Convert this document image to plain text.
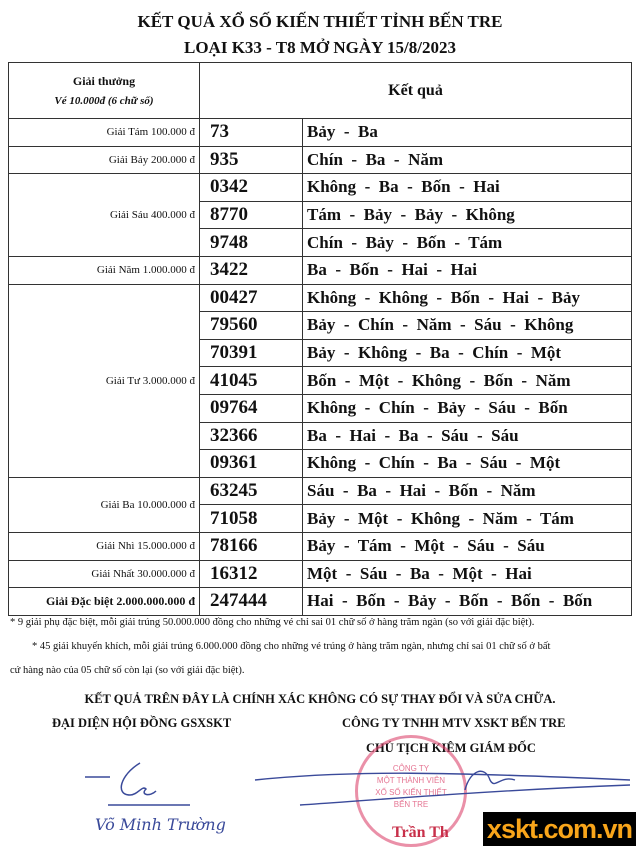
KẾT QUẢ XỔ SỐ KIẾN THIẾT TỈNH BẾN TRE
LOẠI K33 - T8 MỞ NGÀY 15/8/2023
Giải thưởng
Vé 10.000đ (6 chữ số)	Kết quả	
Giải Tám 100.000 đ	73	Bảy  -  Ba
Giải Bảy 200.000 đ	935	Chín  -  Ba  -  Năm
Giải Sáu 400.000 đ	0342	Không  -  Ba  -  Bốn  -  Hai
	8770	Tám  -  Bảy  -  Bảy  -  Không
	9748	Chín  -  Bảy  -  Bốn  -  Tám
Giải Năm 1.000.000 đ	3422	Ba  -  Bốn  -  Hai  -  Hai
Giải Tư 3.000.000 đ	00427	Không  -  Không  -  Bốn  -  Hai  -  Bảy
	79560	Bảy  -  Chín  -  Năm  -  Sáu  -  Không
	70391	Bảy  -  Không  -  Ba  -  Chín  -  Một
	41045	Bốn  -  Một  -  Không  -  Bốn  -  Năm
	09764	Không  -  Chín  -  Bảy  -  Sáu  -  Bốn
	32366	Ba  -  Hai  -  Ba  -  Sáu  -  Sáu
	09361	Không  -  Chín  -  Ba  -  Sáu  -  Một
Giải Ba 10.000.000 đ	63245	Sáu  -  Ba  -  Hai  -  Bốn  -  Năm
	71058	Bảy  -  Một  -  Không  -  Năm  -  Tám
Giải Nhì 15.000.000 đ	78166	Bảy  -  Tám  -  Một  -  Sáu  -  Sáu
Giải Nhất 30.000.000 đ	16312	Một  -  Sáu  -  Ba  -  Một  -  Hai
Giải Đặc biệt 2.000.000.000 đ	247444	Hai  -  Bốn  -  Bảy  -  Bốn  -  Bốn  -  Bốn
* 9 giải phụ đặc biệt, mỗi giải trúng 50.000.000 đồng cho những vé chỉ sai 01 chữ số ở hàng trăm ngàn (so với giải đặc biệt).
* 45 giải khuyến khích, mỗi giải trúng 6.000.000 đồng cho những vé trúng ở hàng trăm ngàn, nhưng chỉ sai 01 chữ số ở bất
cứ hàng nào của 05 chữ số còn lại (so với giải đặc biệt).
KẾT QUẢ TRÊN ĐÂY LÀ CHÍNH XÁC KHÔNG CÓ SỰ THAY ĐỔI VÀ SỬA CHỮA.
ĐẠI DIỆN HỘI ĐỒNG GSXSKT	CÔNG TY TNHH MTV XSKT BẾN TRE
CHỦ TỊCH KIÊM GIÁM ĐỐC
CÔNG TY
MỘT THÀNH VIÊN
XỔ SỐ KIẾN THIẾT
BẾN TRE
Võ Minh Trường	Trần Th xskt.com.vn
